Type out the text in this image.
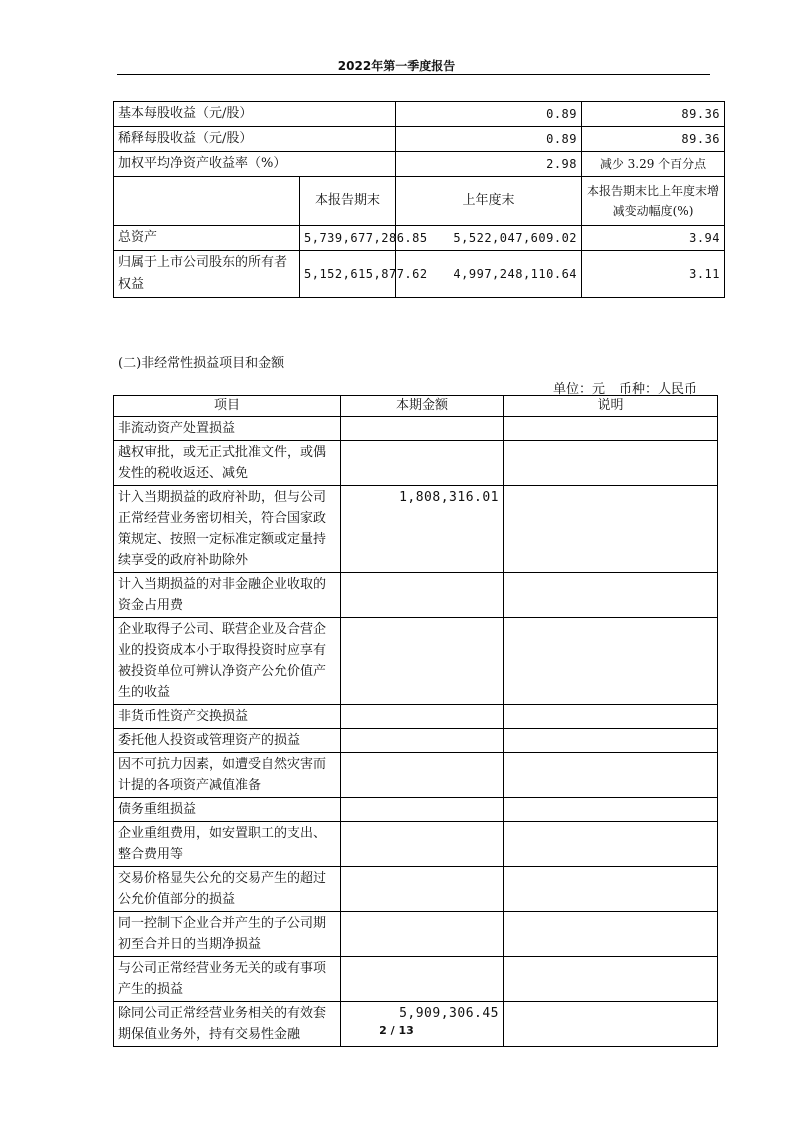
2022年第一季度报告
基本每股收益（元/股）		0.89	89.36
稀释每股收益（元/股）		0.89	89.36
加权平均净资产收益率（%）		2.98	减少 3.29 个百分点
	本报告期末	上年度末	本报告期末比上年度末增减变动幅度(%)
总资产	5,739,677,286.85	5,522,047,609.02	3.94
归属于上市公司股东的所有者权益	5,152,615,877.62	4,997,248,110.64	3.11
(二)非经常性损益项目和金额
单位：元 币种：人民币
项目	本期金额	说明
非流动资产处置损益		
越权审批，或无正式批准文件，或偶发性的税收返还、减免		
计入当期损益的政府补助，但与公司正常经营业务密切相关，符合国家政策规定、按照一定标准定额或定量持续享受的政府补助除外	1,808,316.01	
计入当期损益的对非金融企业收取的资金占用费		
企业取得子公司、联营企业及合营企业的投资成本小于取得投资时应享有被投资单位可辨认净资产公允价值产生的收益		
非货币性资产交换损益		
委托他人投资或管理资产的损益		
因不可抗力因素，如遭受自然灾害而计提的各项资产减值准备		
债务重组损益		
企业重组费用，如安置职工的支出、整合费用等		
交易价格显失公允的交易产生的超过公允价值部分的损益		
同一控制下企业合并产生的子公司期初至合并日的当期净损益		
与公司正常经营业务无关的或有事项产生的损益		
除同公司正常经营业务相关的有效套期保值业务外，持有交易性金融	5,909,306.45	
2 / 13
